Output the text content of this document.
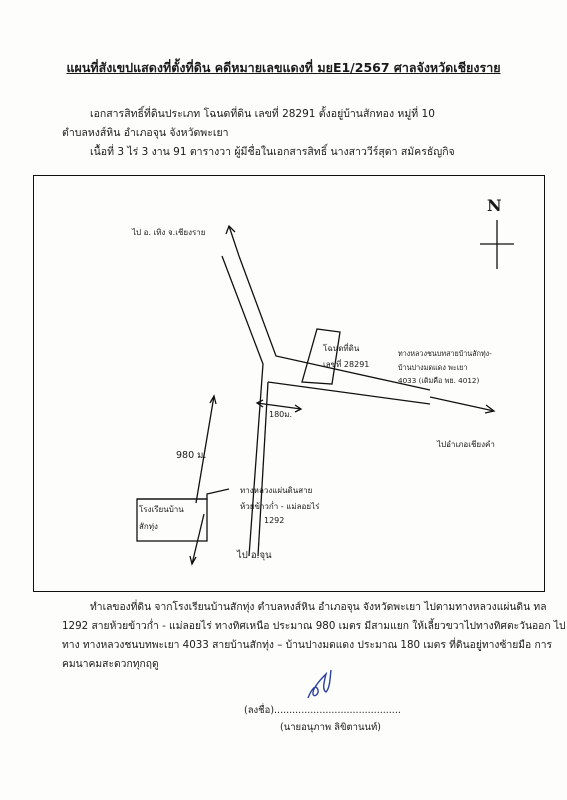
แผนที่สังเขปแสดงที่ตั้งที่ดิน คดีหมายเลขแดงที่ มยE1/2567 ศาลจังหวัดเชียงราย
เอกสารสิทธิ์ที่ดินประเภท โฉนดที่ดิน เลขที่ 28291 ตั้งอยู่บ้านสักทอง หมู่ที่ 10
ตำบลหงส์หิน อำเภอจุน จังหวัดพะเยา
เนื้อที่ 3 ไร่ 3 งาน 91 ตารางวา ผู้มีชื่อในเอกสารสิทธิ์ นางสาววีร์สุดา สมัครธัญกิจ
N
ไป อ. เทิง จ.เชียงราย
โฉนดที่ดิน
เลขที่ 28291
ทางหลวงชนบทสายบ้านสักทุ่ง-
บ้านปางมดแดง พะเยา
4033 (เดิมคือ พย. 4012)
180ม.
ไปอำเภอเชียงคำ
980 ม.
โรงเรียนบ้าน
สักทุ่ง
ทางหลวงแผ่นดินสาย
ห้วยข้าวก่ำ - แม่ลอยไร่
1292
ไป อ.จุน
ทำเลของที่ดิน จากโรงเรียนบ้านสักทุ่ง ตำบลหงส์หิน อำเภอจุน จังหวัดพะเยา ไปตามทางหลวงแผ่นดิน ทล
1292 สายห้วยข้าวก่ำ - แม่ลอยไร่ ทางทิศเหนือ ประมาณ 980 เมตร มีสามแยก ให้เลี้ยวขวาไปทางทิศตะวันออก ไป
ทาง ทางหลวงชนบทพะเยา 4033 สายบ้านสักทุ่ง – บ้านปางมดแดง ประมาณ 180 เมตร ที่ดินอยู่ทางซ้ายมือ การ
คมนาคมสะดวกทุกฤดู
(ลงชื่อ)..........................................
(นายอนุภาพ ลิขิตานนท์)
